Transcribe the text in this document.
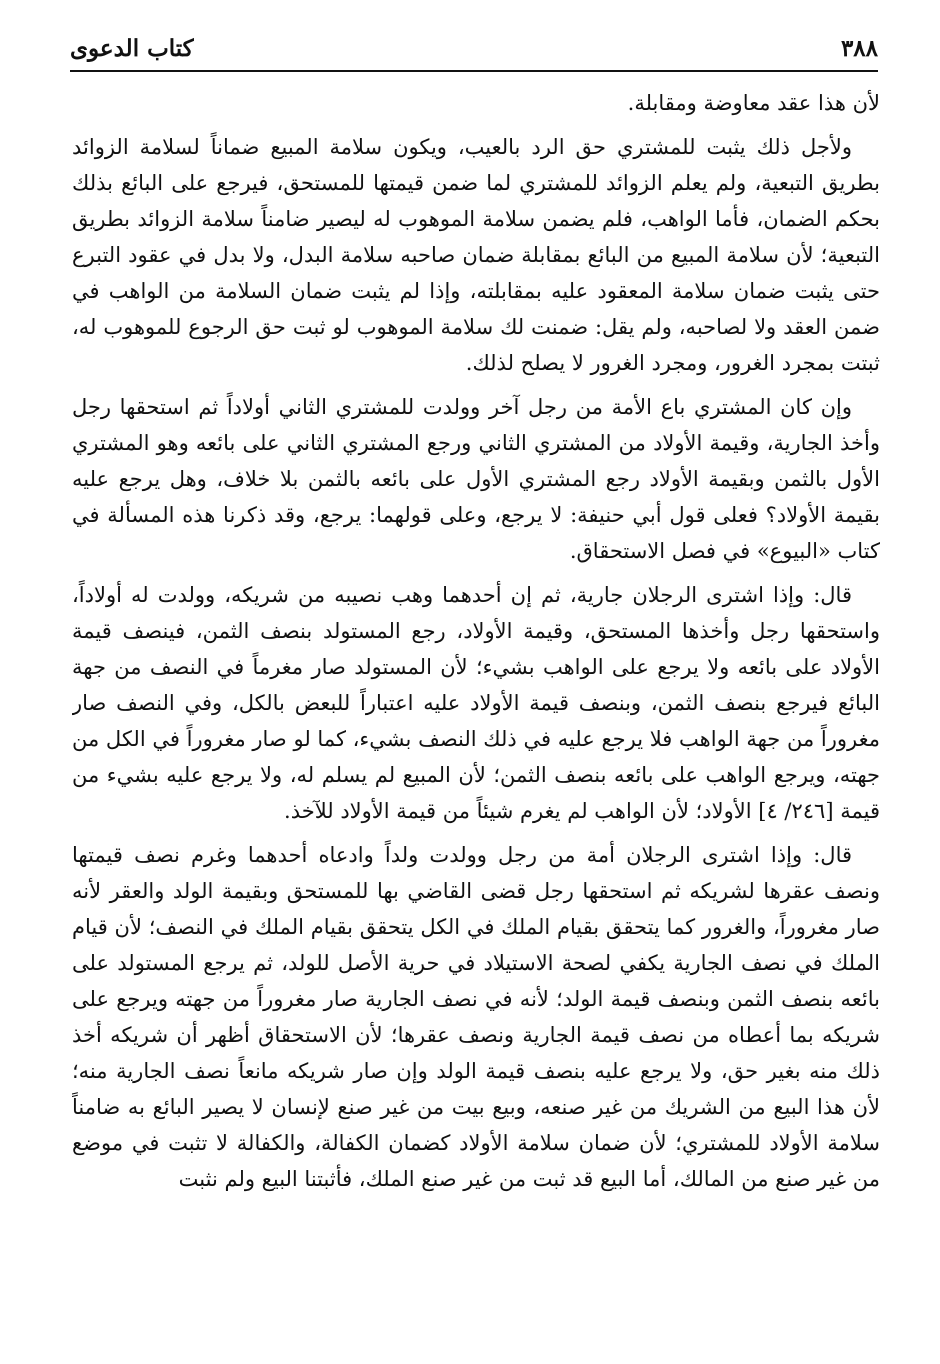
٣٨٨
كتاب الدعوى

لأن هذا عقد معاوضة ومقابلة.

ولأجل ذلك يثبت للمشتري حق الرد بالعيب، ويكون سلامة المبيع ضماناً لسلامة الزوائد بطريق التبعية، ولم يعلم الزوائد للمشتري لما ضمن قيمتها للمستحق، فيرجع على البائع بذلك بحكم الضمان، فأما الواهب، فلم يضمن سلامة الموهوب له ليصير ضامناً سلامة الزوائد بطريق التبعية؛ لأن سلامة المبيع من البائع بمقابلة ضمان صاحبه سلامة البدل، ولا بدل في عقود التبرع حتى يثبت ضمان سلامة المعقود عليه بمقابلته، وإذا لم يثبت ضمان السلامة من الواهب في ضمن العقد ولا لصاحبه، ولم يقل: ضمنت لك سلامة الموهوب لو ثبت حق الرجوع للموهوب له، ثبتت بمجرد الغرور، ومجرد الغرور لا يصلح لذلك.

وإن كان المشتري باع الأمة من رجل آخر وولدت للمشتري الثاني أولاداً ثم استحقها رجل وأخذ الجارية، وقيمة الأولاد من المشتري الثاني ورجع المشتري الثاني على بائعه وهو المشتري الأول بالثمن وبقيمة الأولاد رجع المشتري الأول على بائعه بالثمن بلا خلاف، وهل يرجع عليه بقيمة الأولاد؟ فعلى قول أبي حنيفة: لا يرجع، وعلى قولهما: يرجع، وقد ذكرنا هذه المسألة في كتاب «البيوع» في فصل الاستحقاق.

قال: وإذا اشترى الرجلان جارية، ثم إن أحدهما وهب نصيبه من شريكه، وولدت له أولاداً، واستحقها رجل وأخذها المستحق، وقيمة الأولاد، رجع المستولد بنصف الثمن، فينصف قيمة الأولاد على بائعه ولا يرجع على الواهب بشيء؛ لأن المستولد صار مغرماً في النصف من جهة البائع فيرجع بنصف الثمن، وبنصف قيمة الأولاد عليه اعتباراً للبعض بالكل، وفي النصف صار مغروراً من جهة الواهب فلا يرجع عليه في ذلك النصف بشيء، كما لو صار مغروراً في الكل من جهته، ويرجع الواهب على بائعه بنصف الثمن؛ لأن المبيع لم يسلم له، ولا يرجع عليه بشيء من قيمة [٢٤٦/ ٤] الأولاد؛ لأن الواهب لم يغرم شيئاً من قيمة الأولاد للآخذ.

قال: وإذا اشترى الرجلان أمة من رجل وولدت ولداً وادعاه أحدهما وغرم نصف قيمتها ونصف عقرها لشريكه ثم استحقها رجل قضى القاضي بها للمستحق وبقيمة الولد والعقر لأنه صار مغروراً، والغرور كما يتحقق بقيام الملك في الكل يتحقق بقيام الملك في النصف؛ لأن قيام الملك في نصف الجارية يكفي لصحة الاستيلاد في حرية الأصل للولد، ثم يرجع المستولد على بائعه بنصف الثمن وبنصف قيمة الولد؛ لأنه في نصف الجارية صار مغروراً من جهته ويرجع على شريكه بما أعطاه من نصف قيمة الجارية ونصف عقرها؛ لأن الاستحقاق أظهر أن شريكه أخذ ذلك منه بغير حق، ولا يرجع عليه بنصف قيمة الولد وإن صار شريكه مانعاً نصف الجارية منه؛ لأن هذا البيع من الشريك من غير صنعه، وبيع بيت من غير صنع لإنسان لا يصير البائع به ضامناً سلامة الأولاد للمشتري؛ لأن ضمان سلامة الأولاد كضمان الكفالة، والكفالة لا تثبت في موضع من غير صنع من المالك، أما البيع قد ثبت من غير صنع الملك، فأثبتنا البيع ولم نثبت
